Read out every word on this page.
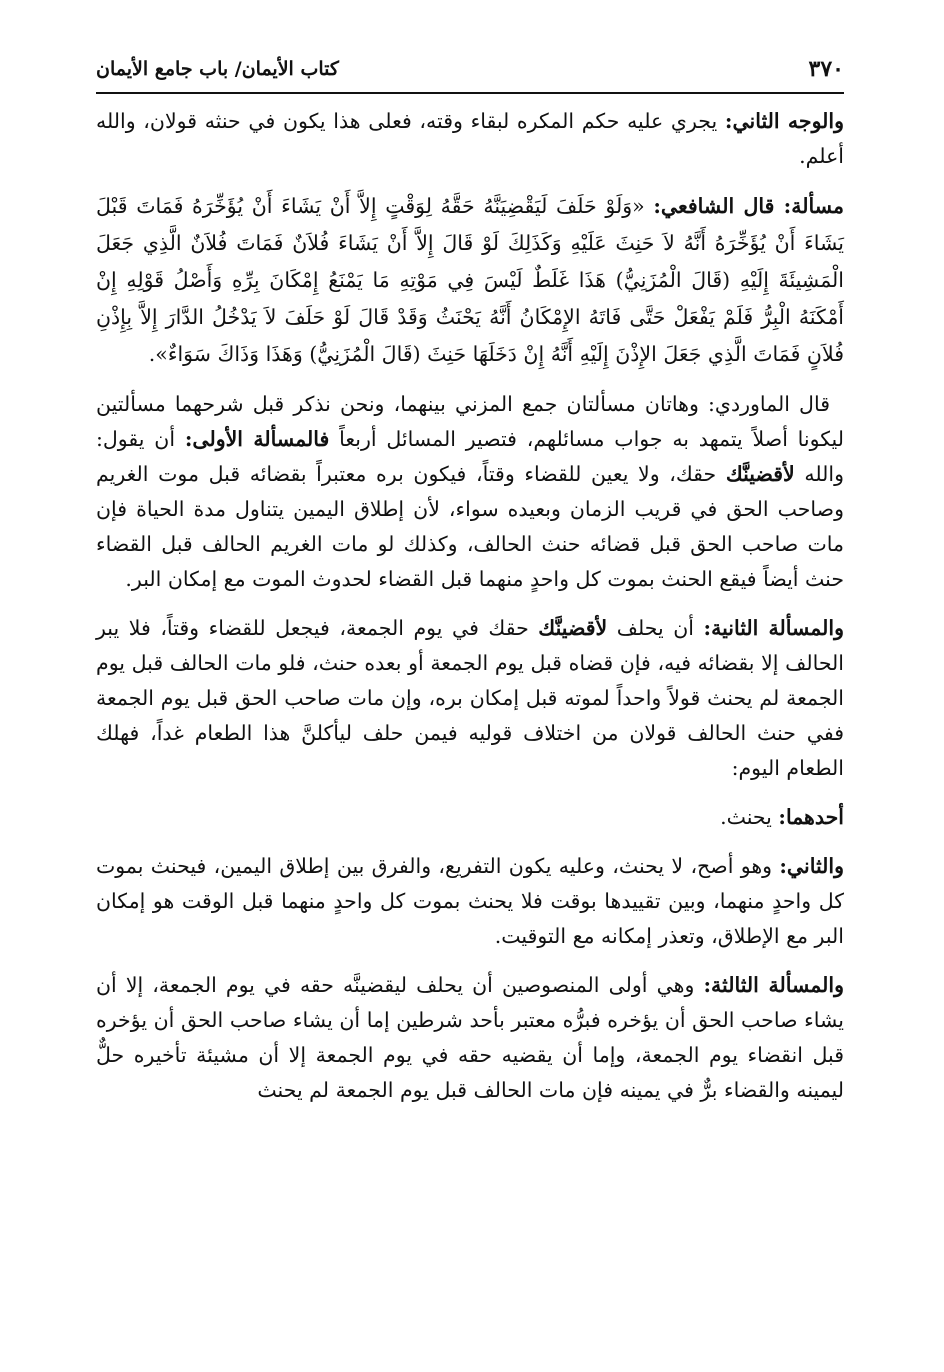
٣٧٠
كتاب الأيمان/ باب جامع الأيمان

والوجه الثاني: يجري عليه حكم المكره لبقاء وقته، فعلى هذا يكون في حنثه قولان، والله أعلم.

مسألة: قال الشافعي: «وَلَوْ حَلَفَ لَيَقْضِيَنَّهُ حَقَّهُ لِوَقْتٍ إِلاَّ أَنْ يَشَاءَ أَنْ يُؤَخِّرَهُ فَمَاتَ قَبْلَ يَشَاءَ أَنْ يُؤَخِّرَهُ أَنَّهُ لاَ حَنِثَ عَلَيْهِ وَكَذَلِكَ لَوْ قَالَ إِلاَّ أَنْ يَشَاءَ فُلاَنٌ فَمَاتَ فُلاَنٌ الَّذِي جَعَلَ الْمَشِيئَةَ إِلَيْهِ (قَالَ الْمُزَنِيُّ) هَذَا غَلَطٌ لَيْسَ فِي مَوْتِهِ مَا يَمْنَعُ إِمْكَانَ بِرِّهِ وَأَصْلُ قَوْلِهِ إِنْ أَمْكَنَهُ الْبِرُّ فَلَمْ يَفْعَلْ حَتَّى فَاتَهُ الإِمْكَانُ أَنَّهُ يَحْنَثُ وَقَدْ قَالَ لَوْ حَلَفَ لاَ يَدْخُلُ الدَّارَ إِلاَّ بِإِذْنِ فُلاَنٍ فَمَاتَ الَّذِي جَعَلَ الإِذْنَ إِلَيْهِ أَنَّهُ إِنْ دَخَلَهَا حَنِثَ (قَالَ الْمُزَنِيُّ) وَهَذَا وَذَاكَ سَوَاءٌ».

قال الماوردي: وهاتان مسألتان جمع المزني بينهما، ونحن نذكر قبل شرحهما مسألتين ليكونا أصلاً يتمهد به جواب مسائلهم، فتصير المسائل أربعاً فالمسألة الأولى: أن يقول: والله لأقضينَّك حقك، ولا يعين للقضاء وقتاً، فيكون بره معتبراً بقضائه قبل موت الغريم وصاحب الحق في قريب الزمان وبعيده سواء، لأن إطلاق اليمين يتناول مدة الحياة فإن مات صاحب الحق قبل قضائه حنث الحالف، وكذلك لو مات الغريم الحالف قبل القضاء حنث أيضاً فيقع الحنث بموت كل واحدٍ منهما قبل القضاء لحدوث الموت مع إمكان البر.

والمسألة الثانية: أن يحلف لأقضينَّك حقك في يوم الجمعة، فيجعل للقضاء وقتاً، فلا يبر الحالف إلا بقضائه فيه، فإن قضاه قبل يوم الجمعة أو بعده حنث، فلو مات الحالف قبل يوم الجمعة لم يحنث قولاً واحداً لموته قبل إمكان بره، وإن مات صاحب الحق قبل يوم الجمعة ففي حنث الحالف قولان من اختلاف قوليه فيمن حلف ليأكلنَّ هذا الطعام غداً، فهلك الطعام اليوم:

أحدهما: يحنث.

والثاني: وهو أصح، لا يحنث، وعليه يكون التفريع، والفرق بين إطلاق اليمين، فيحنث بموت كل واحدٍ منهما، وبين تقييدها بوقت فلا يحنث بموت كل واحدٍ منهما قبل الوقت هو إمكان البر مع الإطلاق، وتعذر إمكانه مع التوقيت.

والمسألة الثالثة: وهي أولى المنصوصين أن يحلف ليقضينَّه حقه في يوم الجمعة، إلا أن يشاء صاحب الحق أن يؤخره فبرُّه معتبر بأحد شرطين إما أن يشاء صاحب الحق أن يؤخره قبل انقضاء يوم الجمعة، وإما أن يقضيه حقه في يوم الجمعة إلا أن مشيئة تأخيره حلٌّ ليمينه والقضاء برٌّ في يمينه فإن مات الحالف قبل يوم الجمعة لم يحنث
